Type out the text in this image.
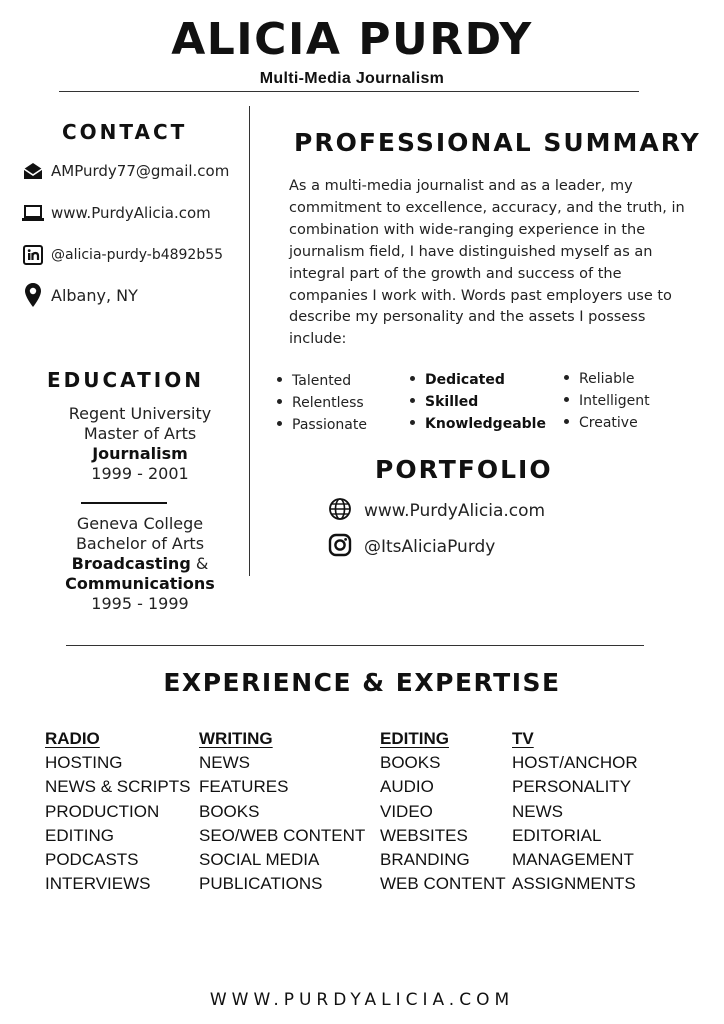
ALICIA PURDY
Multi-Media Journalism
CONTACT
AMPurdy77@gmail.com
www.PurdyAlicia.com
@alicia-purdy-b4892b55
Albany, NY
EDUCATION
Regent University
Master of Arts
Journalism
1999 - 2001
Geneva College
Bachelor of Arts
Broadcasting &
Communications
1995 - 1999
PROFESSIONAL SUMMARY
As a multi-media journalist and as a leader, my commitment to excellence, accuracy, and the truth, in combination with wide-ranging experience in the journalism field, I have distinguished myself as an integral part of the growth and success of the companies I work with. Words past employers use to describe my personality and the assets I possess include:
Talented
Relentless
Passionate
Dedicated
Skilled
Knowledgeable
Reliable
Intelligent
Creative
PORTFOLIO
www.PurdyAlicia.com
@ItsAliciaPurdy
EXPERIENCE & EXPERTISE
RADIO
HOSTING
NEWS & SCRIPTS
PRODUCTION
EDITING
PODCASTS
INTERVIEWS
WRITING
NEWS
FEATURES
BOOKS
SEO/WEB CONTENT
SOCIAL MEDIA
PUBLICATIONS
EDITING
BOOKS
AUDIO
VIDEO
WEBSITES
BRANDING
WEB CONTENT
TV
HOST/ANCHOR
PERSONALITY
NEWS
EDITORIAL
MANAGEMENT
ASSIGNMENTS
WWW.PURDYALICIA.COM
